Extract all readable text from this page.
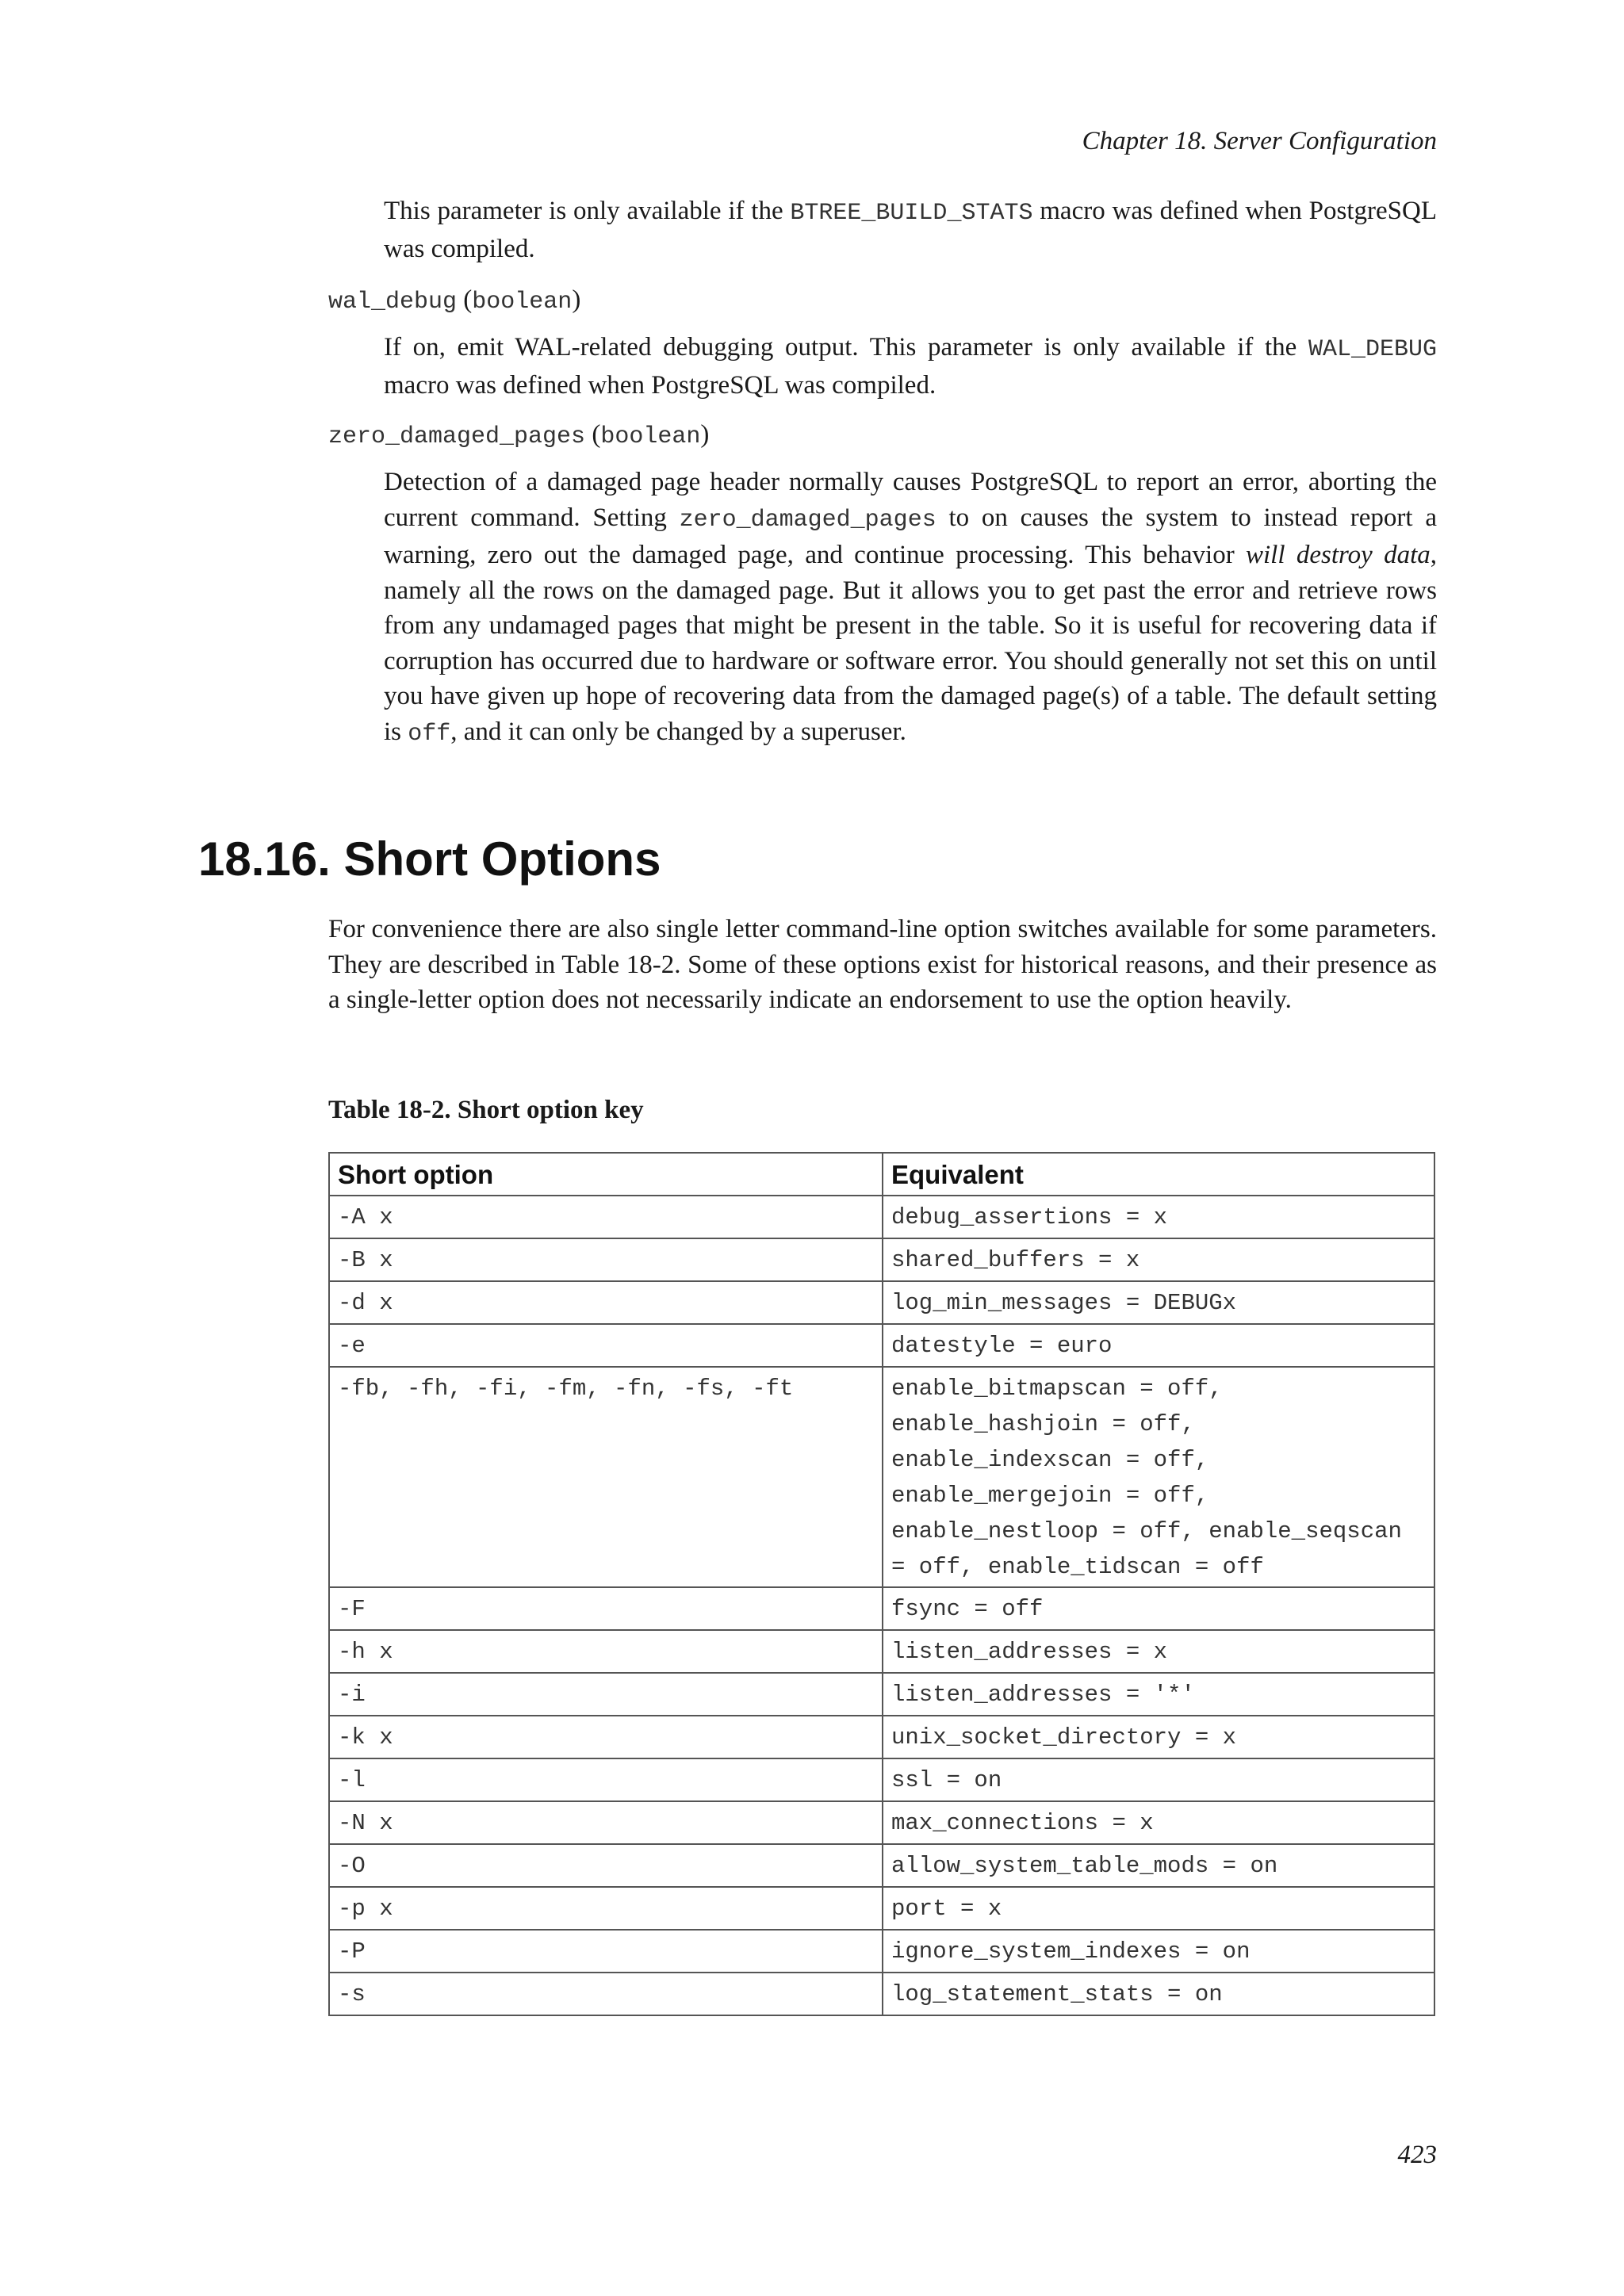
Chapter 18. Server Configuration
This parameter is only available if the BTREE_BUILD_STATS macro was defined when PostgreSQL was compiled.
wal_debug (boolean)
If on, emit WAL-related debugging output. This parameter is only available if the WAL_DEBUG macro was defined when PostgreSQL was compiled.
zero_damaged_pages (boolean)
Detection of a damaged page header normally causes PostgreSQL to report an error, aborting the current command. Setting zero_damaged_pages to on causes the system to instead report a warning, zero out the damaged page, and continue processing. This behavior will destroy data, namely all the rows on the damaged page. But it allows you to get past the error and retrieve rows from any undamaged pages that might be present in the table. So it is useful for recovering data if corruption has occurred due to hardware or software error. You should generally not set this on until you have given up hope of recovering data from the damaged page(s) of a table. The default setting is off, and it can only be changed by a superuser.
18.16. Short Options
For convenience there are also single letter command-line option switches available for some parameters. They are described in Table 18-2. Some of these options exist for historical reasons, and their presence as a single-letter option does not necessarily indicate an endorsement to use the option heavily.
Table 18-2. Short option key
Short option	Equivalent
-A x	debug_assertions = x
-B x	shared_buffers = x
-d x	log_min_messages = DEBUGx
-e	datestyle = euro
-fb, -fh, -fi, -fm, -fn, -fs, -ft	enable_bitmapscan = off, enable_hashjoin = off, enable_indexscan = off, enable_mergejoin = off, enable_nestloop = off, enable_seqscan = off, enable_tidscan = off
-F	fsync = off
-h x	listen_addresses = x
-i	listen_addresses = '*'
-k x	unix_socket_directory = x
-l	ssl = on
-N x	max_connections = x
-O	allow_system_table_mods = on
-p x	port = x
-P	ignore_system_indexes = on
-s	log_statement_stats = on
423
